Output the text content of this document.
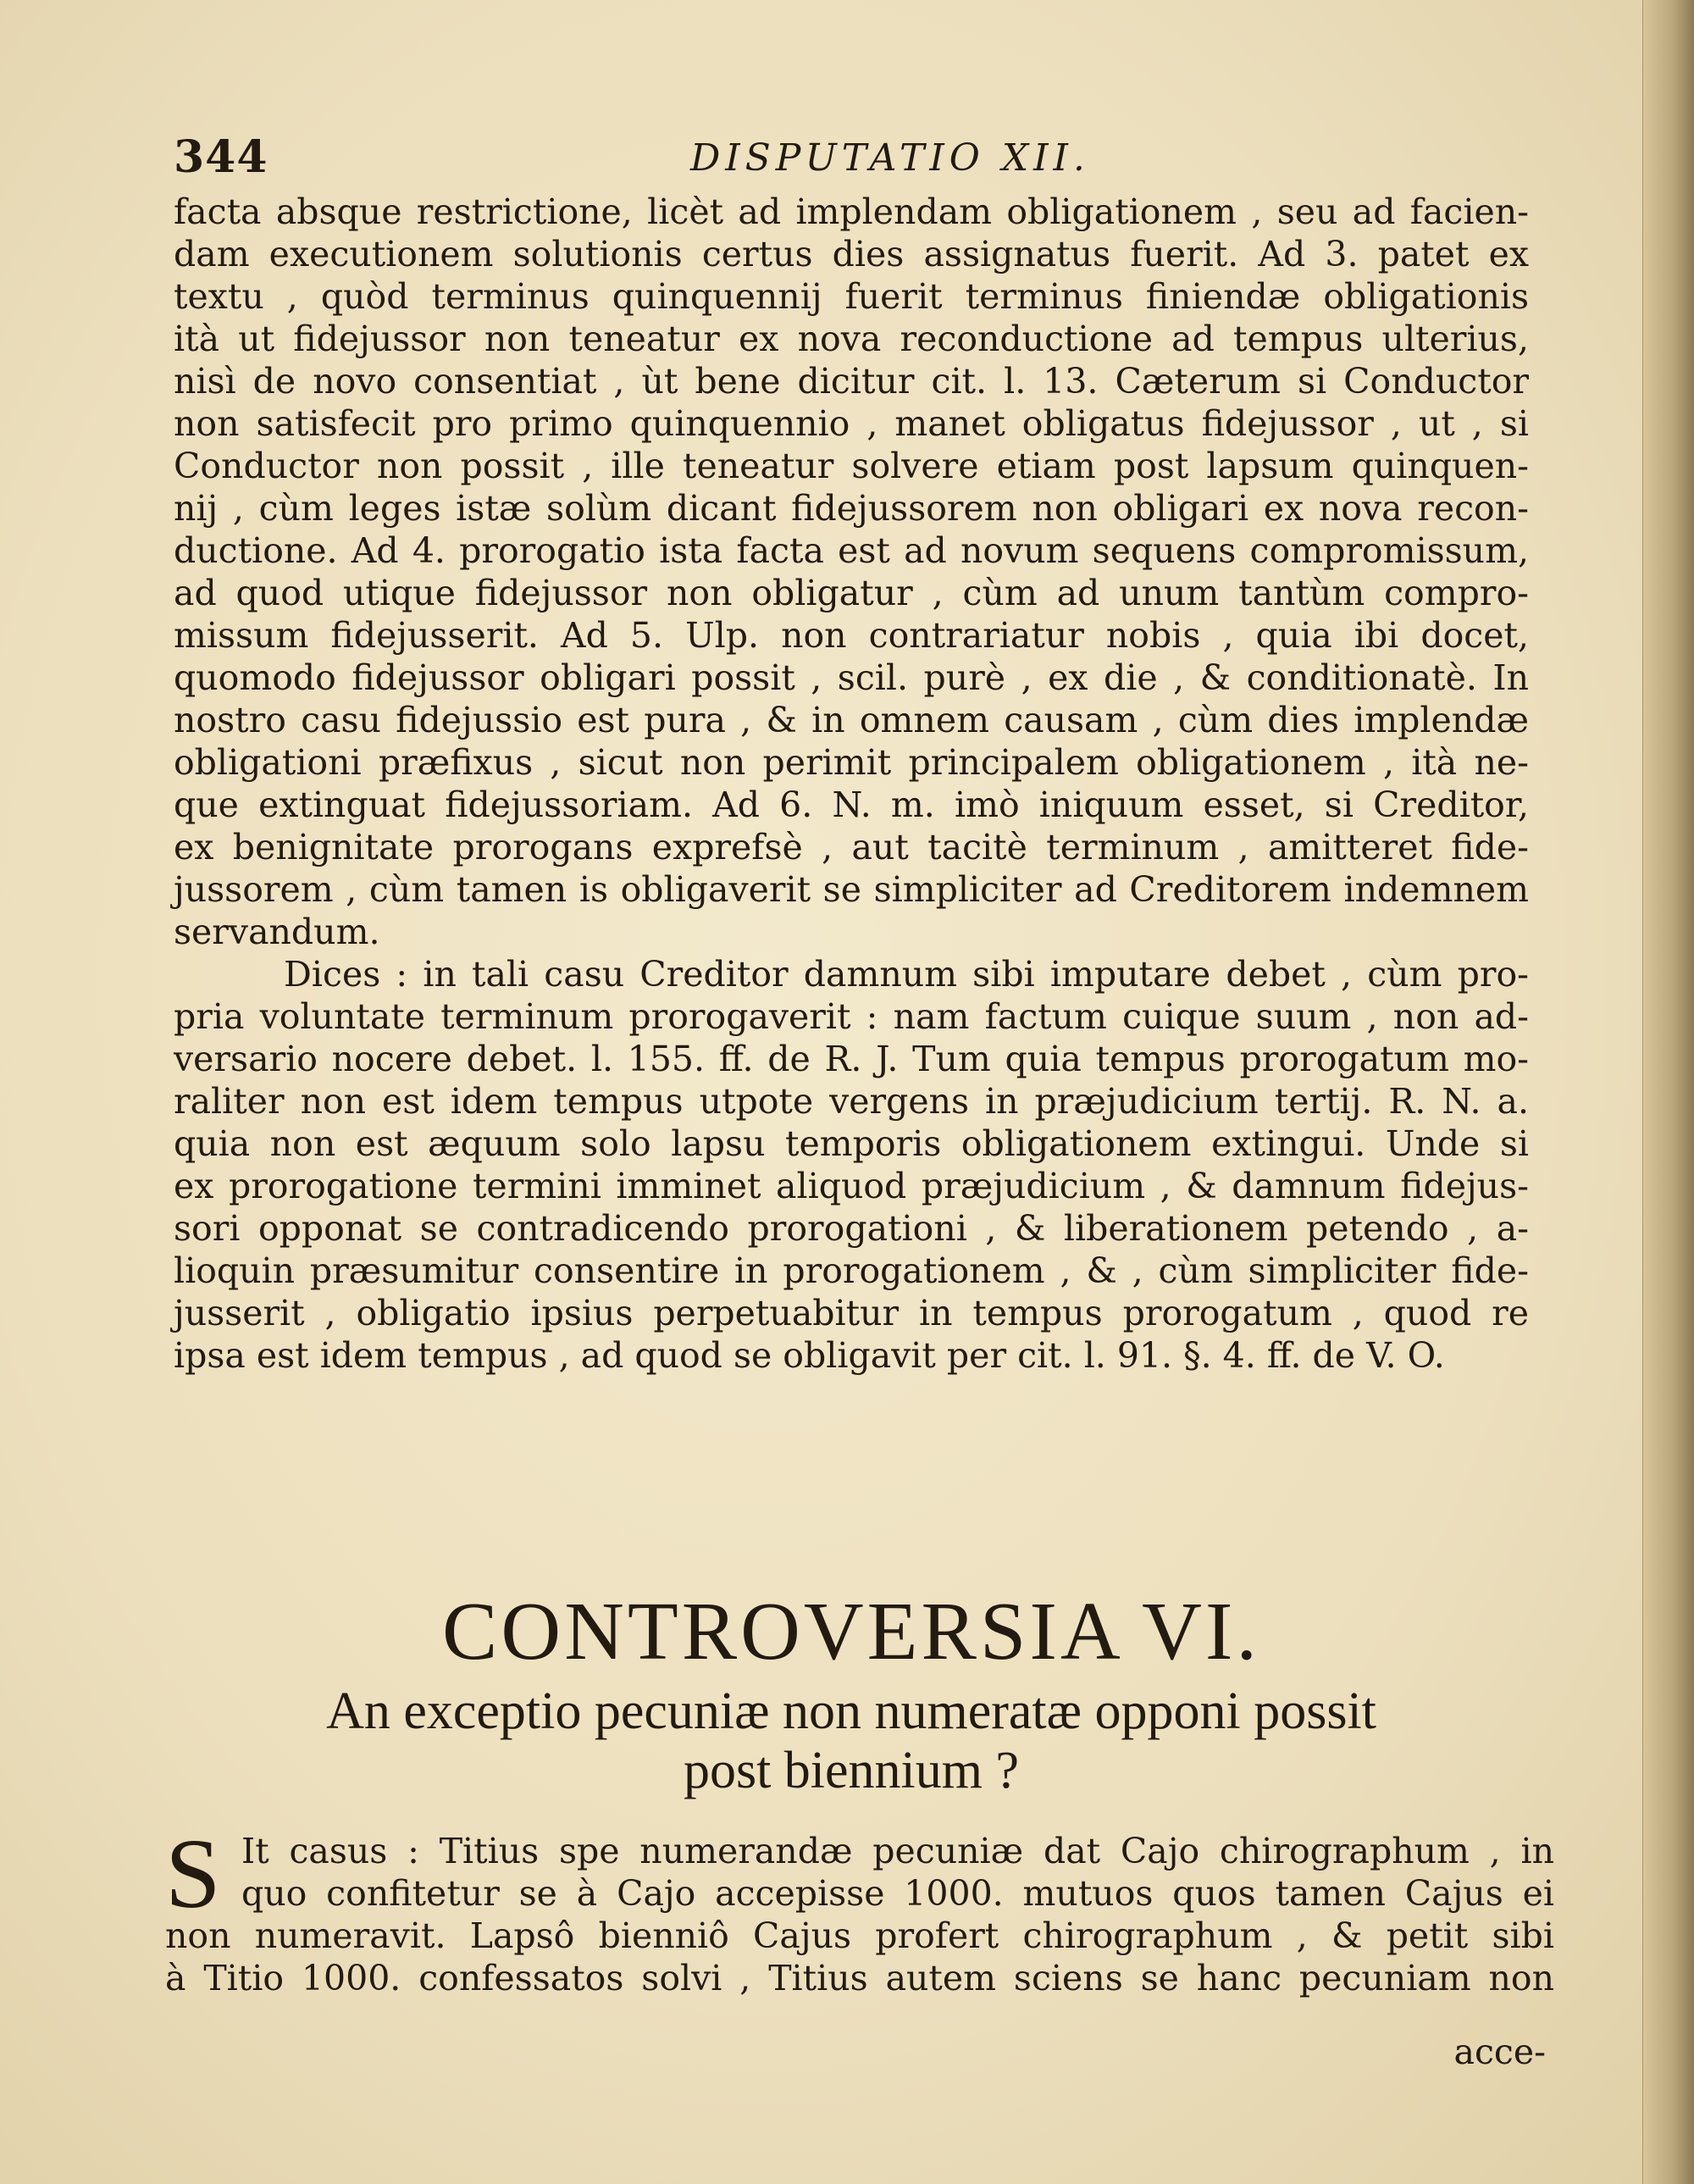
344	DISPUTATIO XII.
facta absque restrictione, licèt ad implendam obligationem , seu ad facien-
dam executionem solutionis certus dies assignatus fuerit. Ad 3. patet ex
textu , quòd terminus quinquennij fuerit terminus finiendæ obligationis
ità ut fidejussor non teneatur ex nova reconductione ad tempus ulterius,
nisì de novo consentiat , ùt bene dicitur cit. l. 13. Cæterum si Conductor
non satisfecit pro primo quinquennio , manet obligatus fidejussor , ut , si
Conductor non possit , ille teneatur solvere etiam post lapsum quinquen-
nij , cùm leges istæ solùm dicant fidejussorem non obligari ex nova recon-
ductione. Ad 4. prorogatio ista facta est ad novum sequens compromissum,
ad quod utique fidejussor non obligatur , cùm ad unum tantùm compro-
missum fidejusserit. Ad 5. Ulp. non contrariatur nobis , quia ibi docet,
quomodo fidejussor obligari possit , scil. purè , ex die , & conditionatè. In
nostro casu fidejussio est pura , & in omnem causam , cùm dies implendæ
obligationi præfixus , sicut non perimit principalem obligationem , ità ne-
que extinguat fidejussoriam. Ad 6. N. m. imò iniquum esset, si Creditor,
ex benignitate prorogans exprefsè , aut tacitè terminum , amitteret fide-
jussorem , cùm tamen is obligaverit se simpliciter ad Creditorem indemnem
servandum.
Dices : in tali casu Creditor damnum sibi imputare debet , cùm pro-
pria voluntate terminum prorogaverit : nam factum cuique suum , non ad-
versario nocere debet. l. 155. ff. de R. J. Tum quia tempus prorogatum mo-
raliter non est idem tempus utpote vergens in præjudicium tertij. R. N. a.
quia non est æquum solo lapsu temporis obligationem extingui. Unde si
ex prorogatione termini imminet aliquod præjudicium , & damnum fidejus-
sori opponat se contradicendo prorogationi , & liberationem petendo , a-
lioquin præsumitur consentire in prorogationem , & , cùm simpliciter fide-
jusserit , obligatio ipsius perpetuabitur in tempus prorogatum , quod re
ipsa est idem tempus , ad quod se obligavit per cit. l. 91. §. 4. ff. de V. O.
CONTROVERSIA VI.
An exceptio pecuniæ non numeratæ opponi possit
post biennium ?
S It casus : Titius spe numerandæ pecuniæ dat Cajo chirographum , in
quo confitetur se à Cajo accepisse 1000. mutuos quos tamen Cajus ei
non numeravit. Lapsô bienniô Cajus profert chirographum , & petit sibi
à Titio 1000. confessatos solvi , Titius autem sciens se hanc pecuniam non
acce-
